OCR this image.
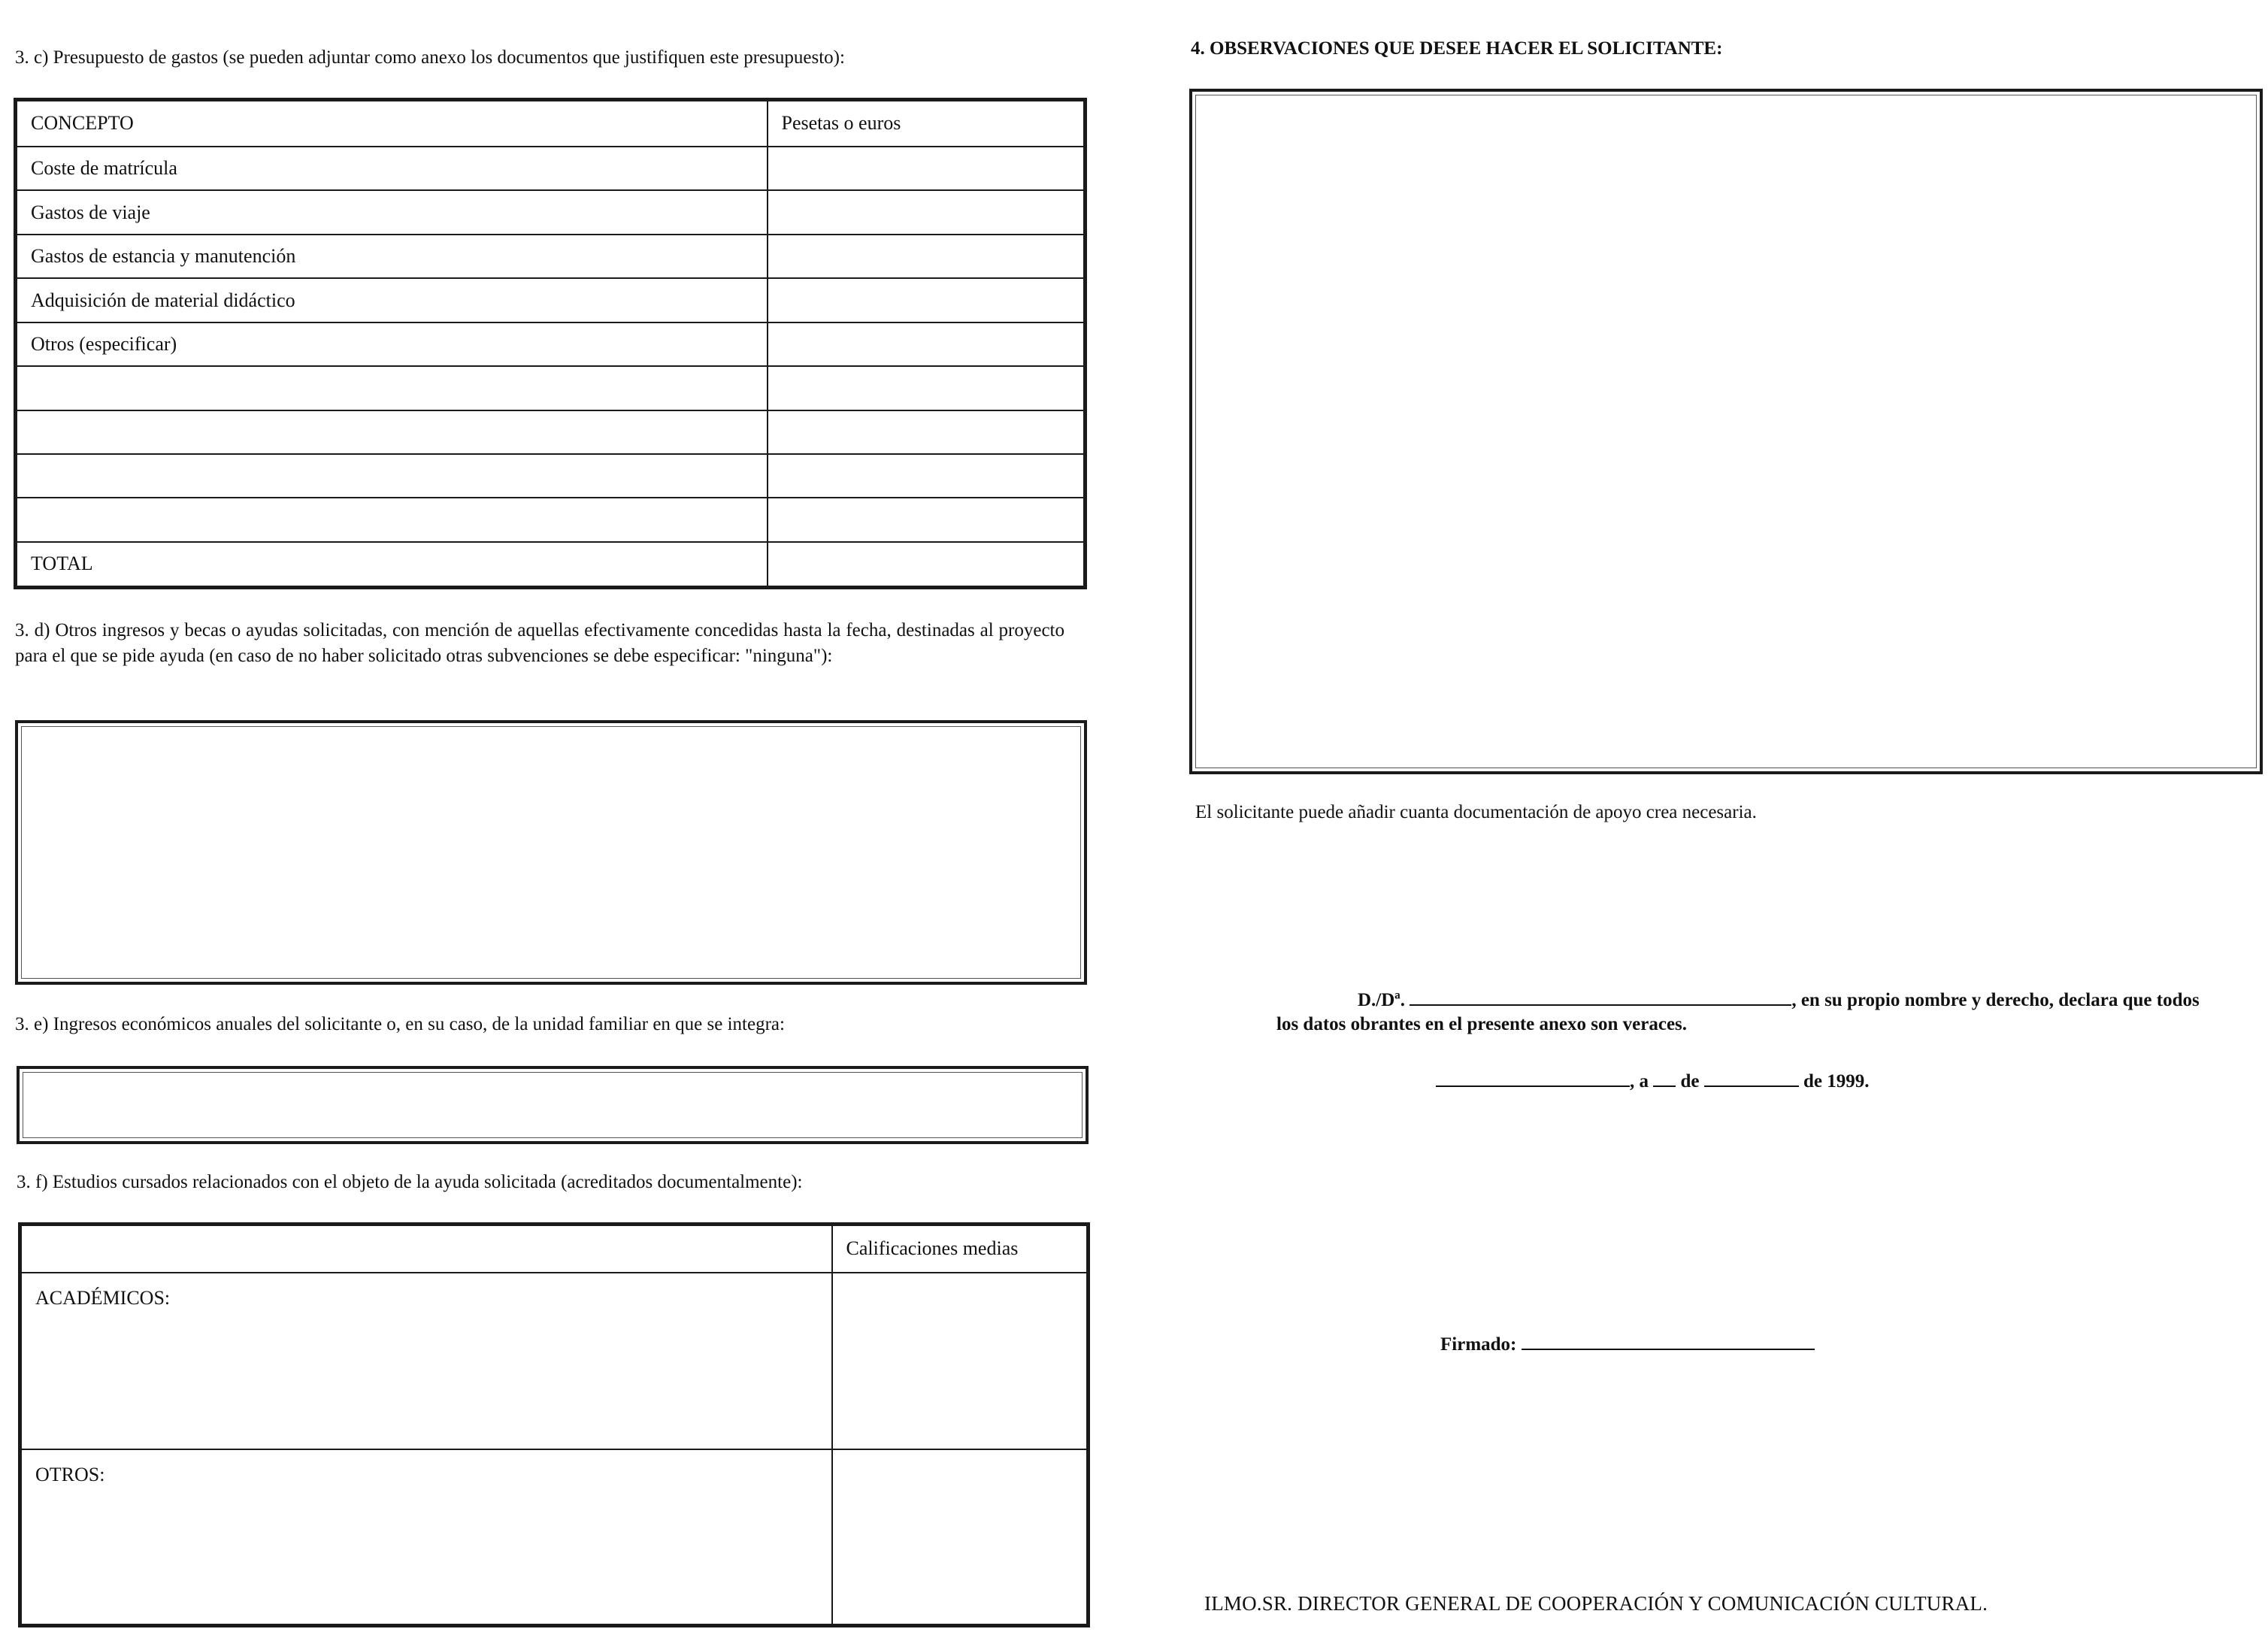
3. c) Presupuesto de gastos (se pueden adjuntar como anexo los documentos que justifiquen este presupuesto):
CONCEPTO	Pesetas o euros
Coste de matrícula	
Gastos de viaje	
Gastos de estancia y manutención	
Adquisición de material didáctico	
Otros (especificar)	

TOTAL	
3. d) Otros ingresos y becas o ayudas solicitadas, con mención de aquellas efectivamente concedidas hasta la fecha, destinadas al proyecto para el que se pide ayuda (en caso de no haber solicitado otras subvenciones se debe especificar: "ninguna"):
3. e) Ingresos económicos anuales del solicitante o, en su caso, de la unidad familiar en que se integra:
3. f) Estudios cursados relacionados con el objeto de la ayuda solicitada (acreditados documentalmente):
	Calificaciones medias
ACADÉMICOS:	
OTROS:	
4. OBSERVACIONES QUE DESEE HACER EL SOLICITANTE:
El solicitante puede añadir cuanta documentación de apoyo crea necesaria.
D./Dª.	, en su propio nombre y derecho, declara que todos
los datos obrantes en el presente anexo son veraces.
, a de	de 1999.
Firmado:
ILMO.SR. DIRECTOR GENERAL DE COOPERACIÓN Y COMUNICACIÓN CULTURAL.
